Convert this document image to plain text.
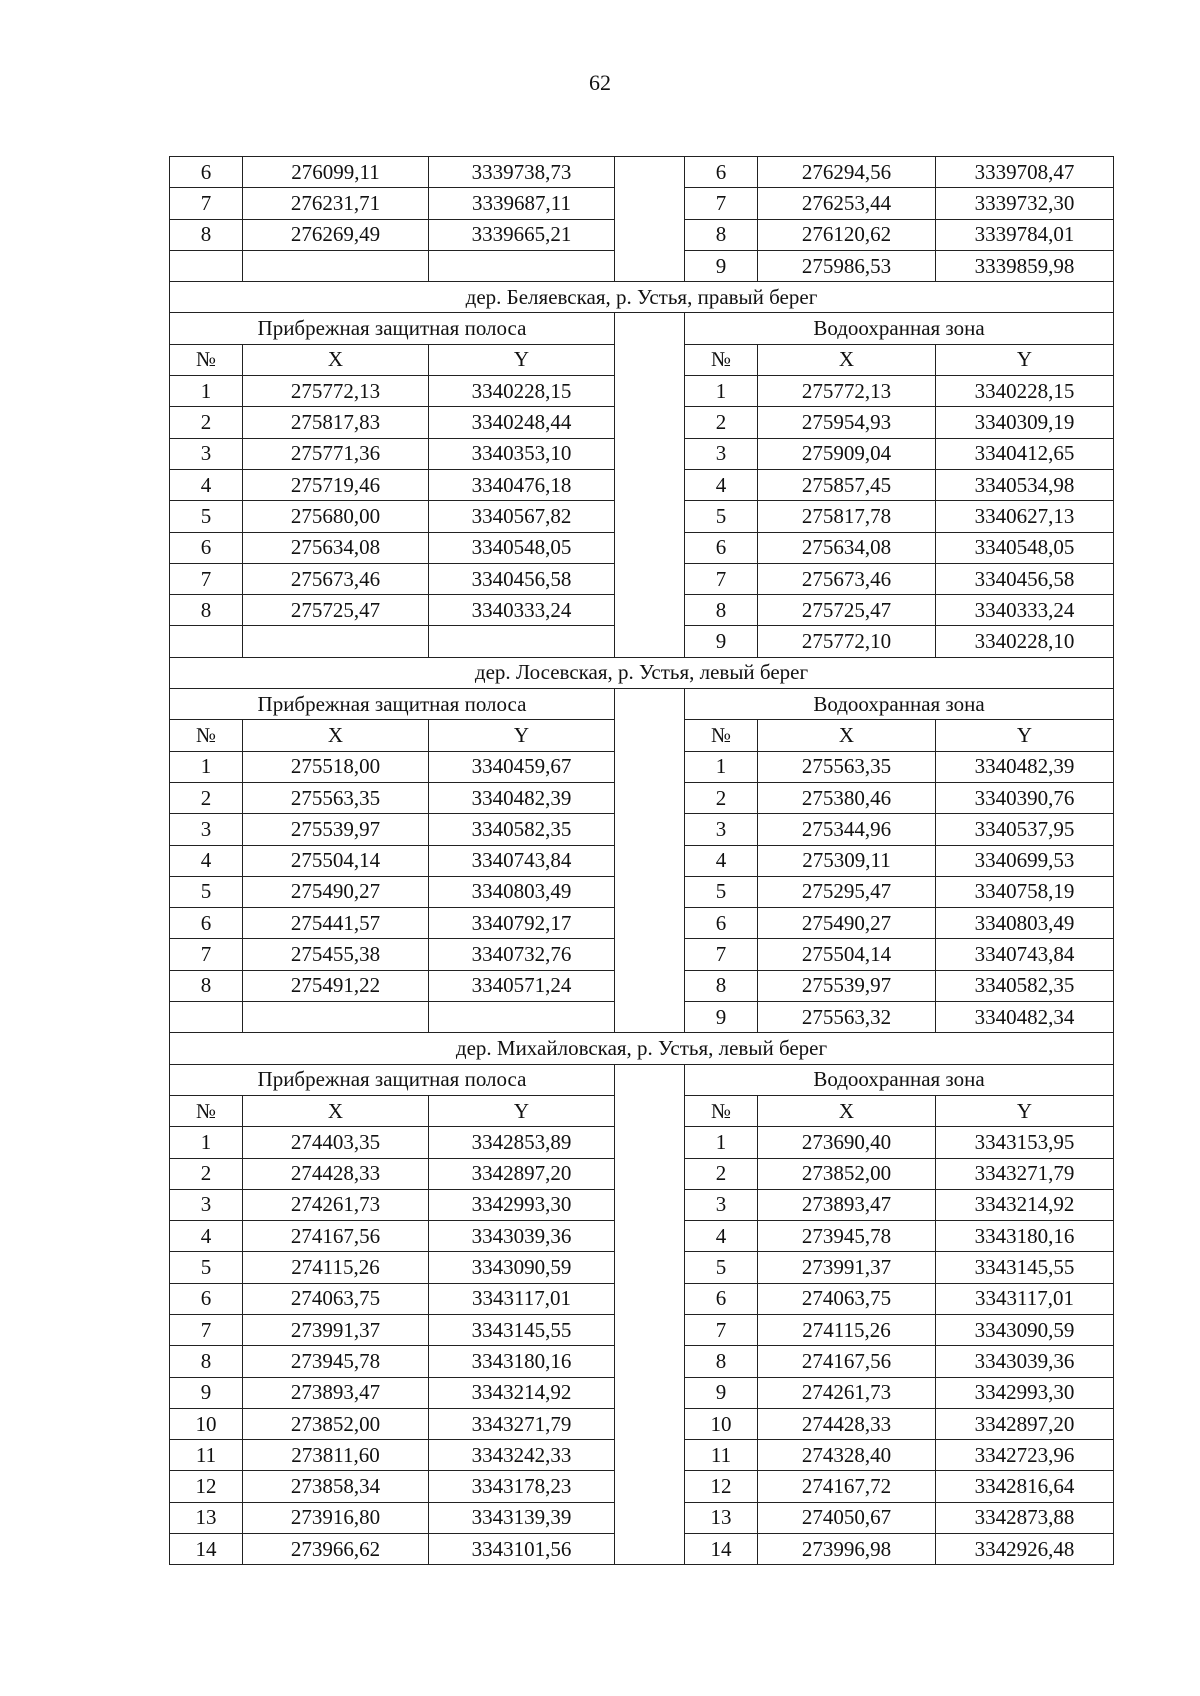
62
6	276099,11	3339738,73		6	276294,56	3339708,47
7	276231,71	3339687,11		7	276253,44	3339732,30
8	276269,49	3339665,21		8	276120,62	3339784,01
				9	275986,53	3339859,98
дер. Беляевская, р. Устья, правый берег						
Прибрежная защитная полоса				Водоохранная зона		
№	X	Y		№	X	Y
1	275772,13	3340228,15		1	275772,13	3340228,15
2	275817,83	3340248,44		2	275954,93	3340309,19
3	275771,36	3340353,10		3	275909,04	3340412,65
4	275719,46	3340476,18		4	275857,45	3340534,98
5	275680,00	3340567,82		5	275817,78	3340627,13
6	275634,08	3340548,05		6	275634,08	3340548,05
7	275673,46	3340456,58		7	275673,46	3340456,58
8	275725,47	3340333,24		8	275725,47	3340333,24
				9	275772,10	3340228,10
дер. Лосевская, р. Устья, левый берег						
Прибрежная защитная полоса				Водоохранная зона		
№	X	Y		№	X	Y
1	275518,00	3340459,67		1	275563,35	3340482,39
2	275563,35	3340482,39		2	275380,46	3340390,76
3	275539,97	3340582,35		3	275344,96	3340537,95
4	275504,14	3340743,84		4	275309,11	3340699,53
5	275490,27	3340803,49		5	275295,47	3340758,19
6	275441,57	3340792,17		6	275490,27	3340803,49
7	275455,38	3340732,76		7	275504,14	3340743,84
8	275491,22	3340571,24		8	275539,97	3340582,35
				9	275563,32	3340482,34
дер. Михайловская, р. Устья, левый берег						
Прибрежная защитная полоса				Водоохранная зона		
№	X	Y		№	X	Y
1	274403,35	3342853,89		1	273690,40	3343153,95
2	274428,33	3342897,20		2	273852,00	3343271,79
3	274261,73	3342993,30		3	273893,47	3343214,92
4	274167,56	3343039,36		4	273945,78	3343180,16
5	274115,26	3343090,59		5	273991,37	3343145,55
6	274063,75	3343117,01		6	274063,75	3343117,01
7	273991,37	3343145,55		7	274115,26	3343090,59
8	273945,78	3343180,16		8	274167,56	3343039,36
9	273893,47	3343214,92		9	274261,73	3342993,30
10	273852,00	3343271,79		10	274428,33	3342897,20
11	273811,60	3343242,33		11	274328,40	3342723,96
12	273858,34	3343178,23		12	274167,72	3342816,64
13	273916,80	3343139,39		13	274050,67	3342873,88
14	273966,62	3343101,56		14	273996,98	3342926,48
